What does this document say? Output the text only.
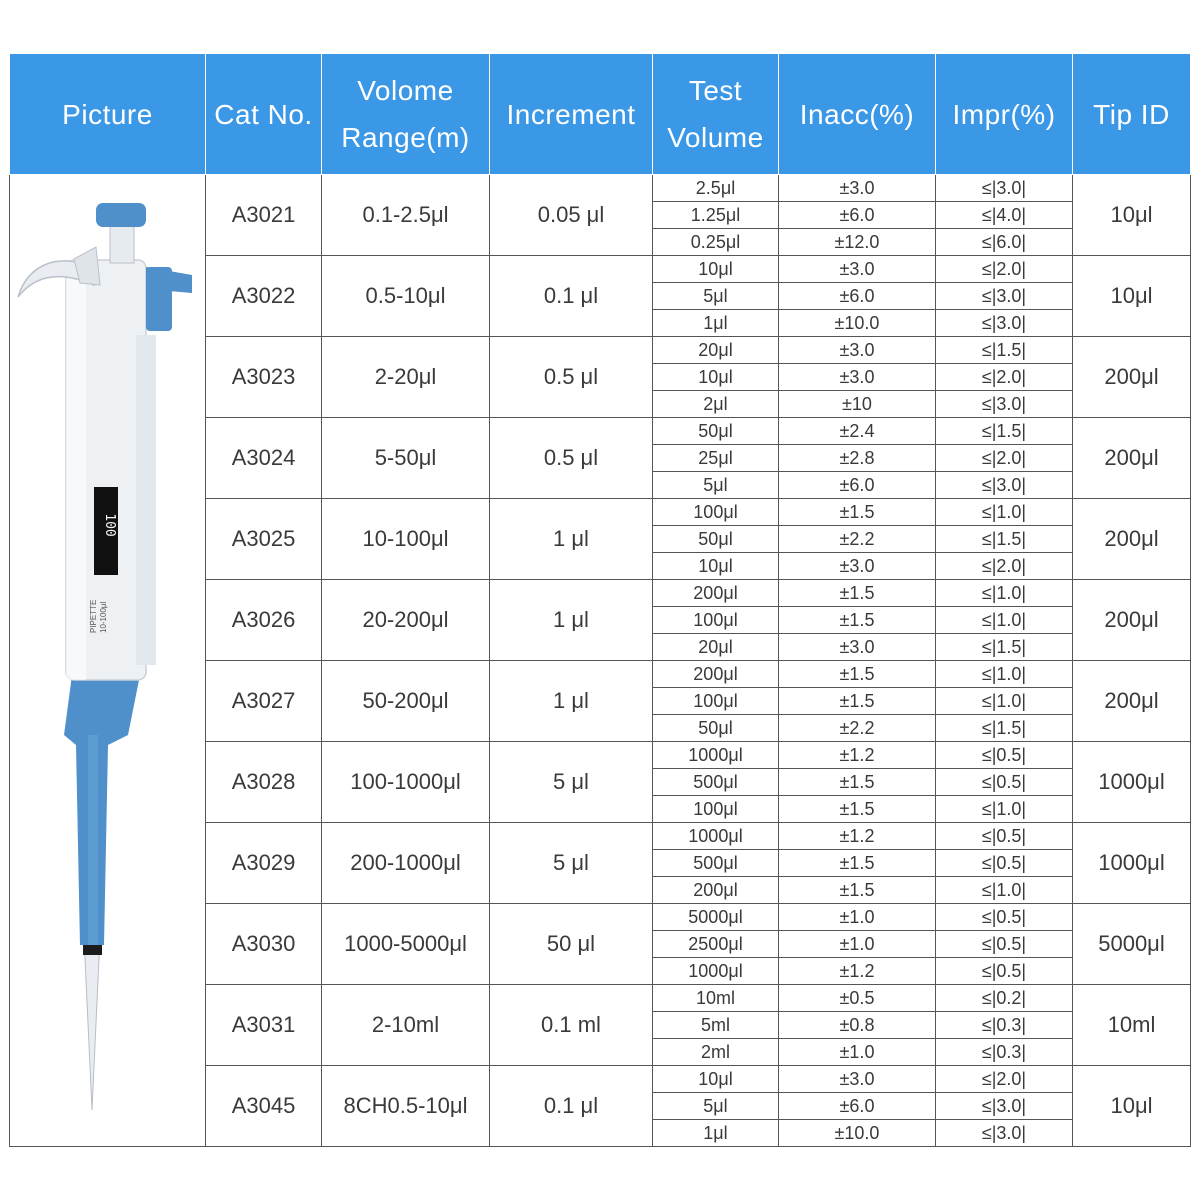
Picture	Cat No.	Volome Range(m)	Increment	Test Volume	Inacc(%)	Impr(%)	Tip ID

100
PIPETTE 10-100μl	A3021	0.1-2.5μl	0.05 μl	2.5μl	±3.0	≤|3.0|	10μl
				1.25μl	±6.0	≤|4.0|	
				0.25μl	±12.0	≤|6.0|	
	A3022	0.5-10μl	0.1 μl	10μl	±3.0	≤|2.0|	10μl
				5μl	±6.0	≤|3.0|	
				1μl	±10.0	≤|3.0|	
	A3023	2-20μl	0.5 μl	20μl	±3.0	≤|1.5|	200μl
				10μl	±3.0	≤|2.0|	
				2μl	±10	≤|3.0|	
	A3024	5-50μl	0.5 μl	50μl	±2.4	≤|1.5|	200μl
				25μl	±2.8	≤|2.0|	
				5μl	±6.0	≤|3.0|	
	A3025	10-100μl	1 μl	100μl	±1.5	≤|1.0|	200μl
				50μl	±2.2	≤|1.5|	
				10μl	±3.0	≤|2.0|	
	A3026	20-200μl	1 μl	200μl	±1.5	≤|1.0|	200μl
				100μl	±1.5	≤|1.0|	
				20μl	±3.0	≤|1.5|	
	A3027	50-200μl	1 μl	200μl	±1.5	≤|1.0|	200μl
				100μl	±1.5	≤|1.0|	
				50μl	±2.2	≤|1.5|	
	A3028	100-1000μl	5 μl	1000μl	±1.2	≤|0.5|	1000μl
				500μl	±1.5	≤|0.5|	
				100μl	±1.5	≤|1.0|	
	A3029	200-1000μl	5 μl	1000μl	±1.2	≤|0.5|	1000μl
				500μl	±1.5	≤|0.5|	
				200μl	±1.5	≤|1.0|	
	A3030	1000-5000μl	50 μl	5000μl	±1.0	≤|0.5|	5000μl
				2500μl	±1.0	≤|0.5|	
				1000μl	±1.2	≤|0.5|	
	A3031	2-10ml	0.1 ml	10ml	±0.5	≤|0.2|	10ml
				5ml	±0.8	≤|0.3|	
				2ml	±1.0	≤|0.3|	
	A3045	8CH0.5-10μl	0.1 μl	10μl	±3.0	≤|2.0|	10μl
				5μl	±6.0	≤|3.0|	
				1μl	±10.0	≤|3.0|	
